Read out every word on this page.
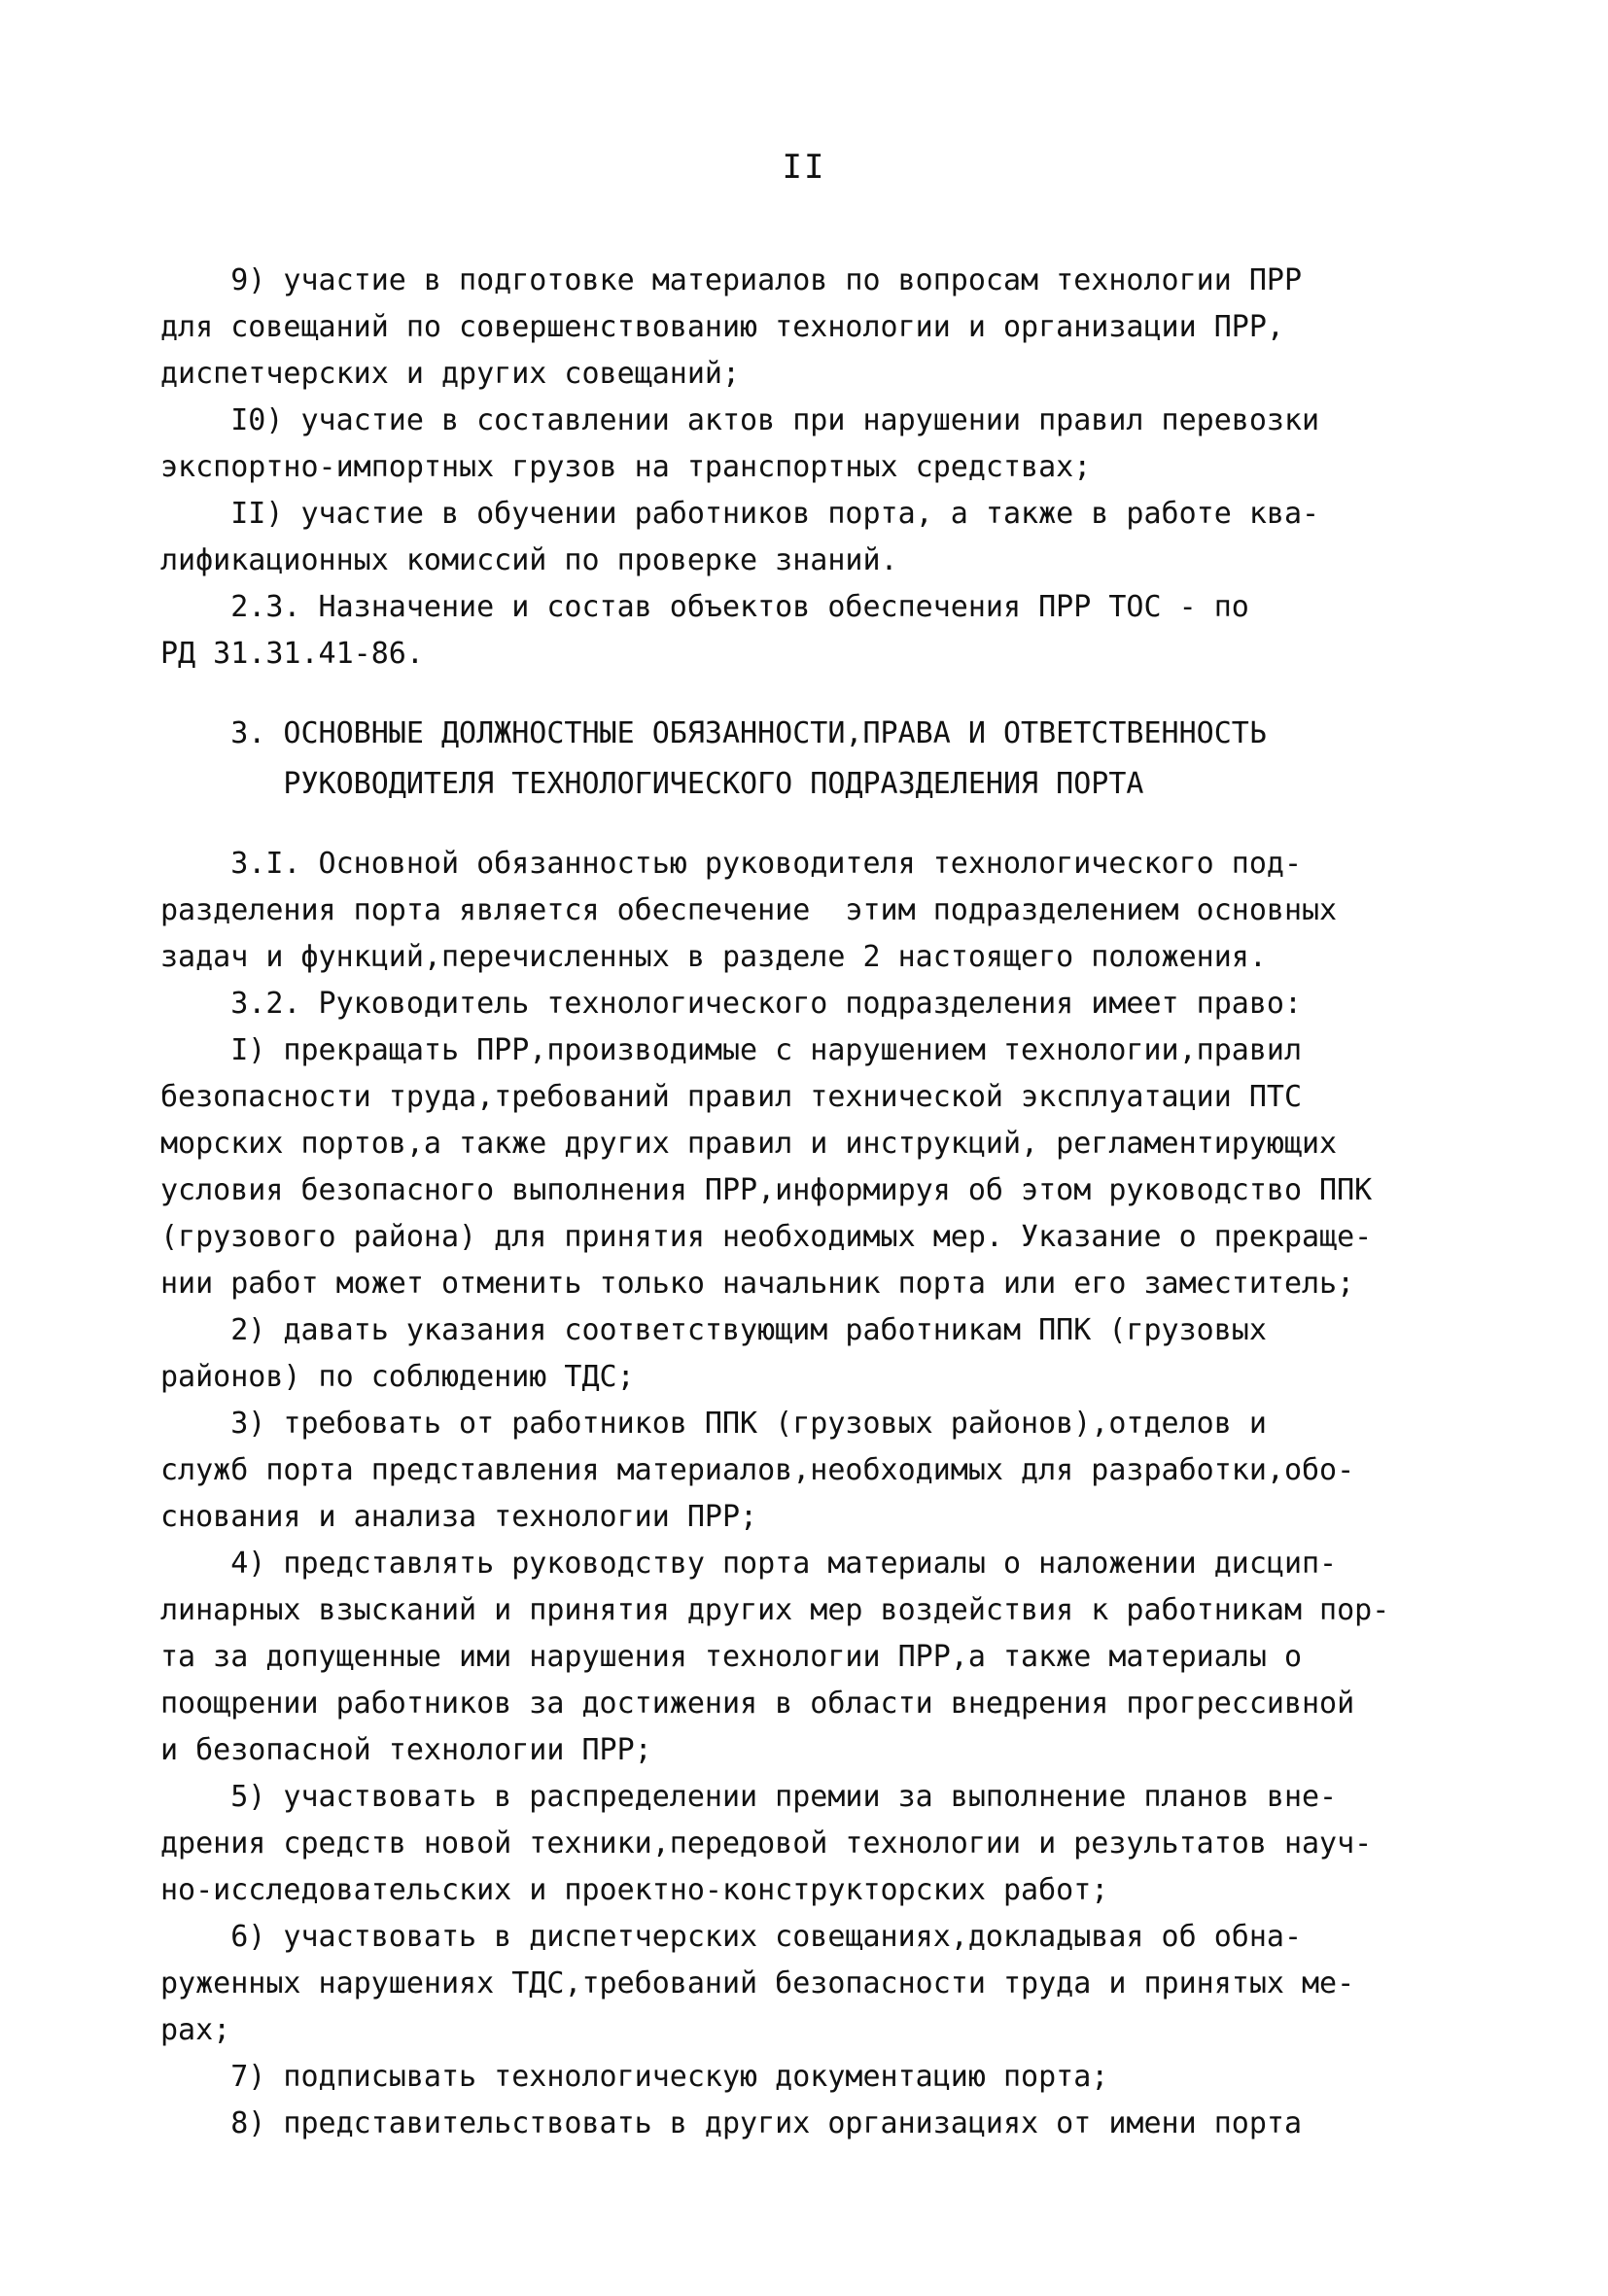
II
9) участие в подготовке материалов по вопросам технологии ПРР
для совещаний по совершенствованию технологии и организации ПРР,
диспетчерских и других совещаний;
I0) участие в составлении актов при нарушении правил перевозки
экспортно-импортных грузов на транспортных средствах;
II) участие в обучении работников порта, а также в работе ква-
лификационных комиссий по проверке знаний.
2.3. Назначение и состав объектов обеспечения ПРР ТОС - по
РД 31.31.41-86.
3. ОСНОВНЫЕ ДОЛЖНОСТНЫЕ ОБЯЗАННОСТИ,ПРАВА И ОТВЕТСТВЕННОСТЬ
РУКОВОДИТЕЛЯ ТЕХНОЛОГИЧЕСКОГО ПОДРАЗДЕЛЕНИЯ ПОРТА
3.I. Основной обязанностью руководителя технологического под-
разделения порта является обеспечение  этим подразделением основных
задач и функций,перечисленных в разделе 2 настоящего положения.
3.2. Руководитель технологического подразделения имеет право:
I) прекращать ПРР,производимые с нарушением технологии,правил
безопасности труда,требований правил технической эксплуатации ПТС
морских портов,а также других правил и инструкций, регламентирующих
условия безопасного выполнения ПРР,информируя об этом руководство ППК
(грузового района) для принятия необходимых мер. Указание о прекраще-
нии работ может отменить только начальник порта или его заместитель;
2) давать указания соответствующим работникам ППК (грузовых
районов) по соблюдению ТДС;
3) требовать от работников ППК (грузовых районов),отделов и
служб порта представления материалов,необходимых для разработки,обо-
снования и анализа технологии ПРР;
4) представлять руководству порта материалы о наложении дисцип-
линарных взысканий и принятия других мер воздействия к работникам пор-
та за допущенные ими нарушения технологии ПРР,а также материалы о
поощрении работников за достижения в области внедрения прогрессивной
и безопасной технологии ПРР;
5) участвовать в распределении премии за выполнение планов вне-
дрения средств новой техники,передовой технологии и результатов науч-
но-исследовательских и проектно-конструкторских работ;
6) участвовать в диспетчерских совещаниях,докладывая об обна-
руженных нарушениях ТДС,требований безопасности труда и принятых ме-
рах;
7) подписывать технологическую документацию порта;
8) представительствовать в других организациях от имени порта
